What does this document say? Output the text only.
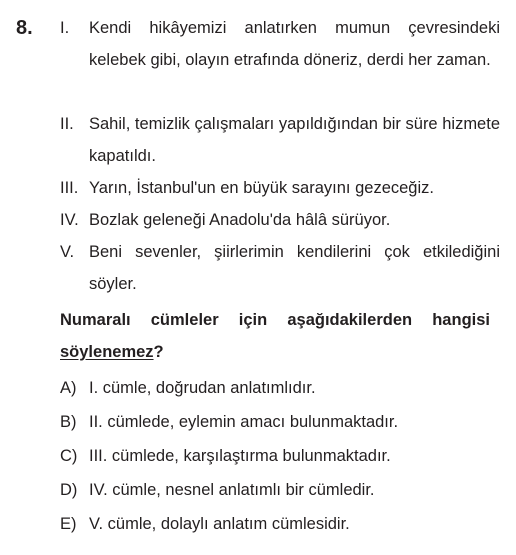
8. I. Kendi hikâyemizi anlatırken mumun çevresindeki kelebek gibi, olayın etrafında döneriz, derdi her zaman.
II. Sahil, temizlik çalışmaları yapıldığından bir süre hizmete kapatıldı.
III. Yarın, İstanbul'un en büyük sarayını gezeceğiz.
IV. Bozlak geleneği Anadolu'da hâlâ sürüyor.
V. Beni sevenler, şiirlerimin kendilerini çok etkilediğini söyler.
Numaralı cümleler için aşağıdakilerden hangisi söylenemez?
A) I. cümle, doğrudan anlatımlıdır.
B) II. cümlede, eylemin amacı bulunmaktadır.
C) III. cümlede, karşılaştırma bulunmaktadır.
D) IV. cümle, nesnel anlatımlı bir cümledir.
E) V. cümle, dolaylı anlatım cümlesidir.
